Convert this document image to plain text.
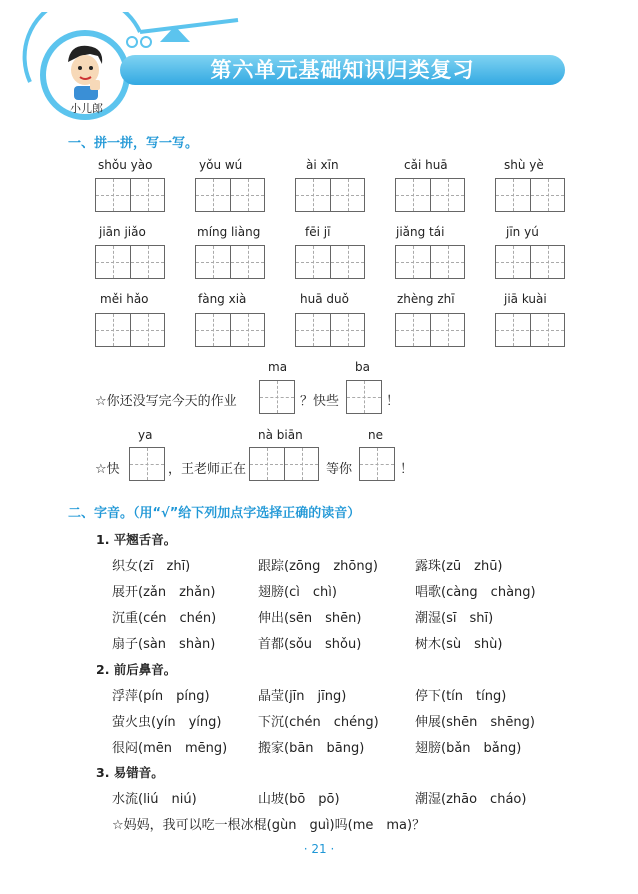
小儿郎
第六单元基础知识归类复习
一、拼一拼，写一写。
shǒu yào	yǒu wú	ài xīn	cǎi huā	shù yè
jiān jiǎo	míng liàng	fēi jī	jiǎng tái	jīn yú
měi hǎo	fàng xià	huā duǒ	zhèng zhī	jiā kuài
ma	ba
☆你还没写完今天的作业	？快些	！
ya	nà biān	ne
☆快	，王老师正在	等你	！
二、字音。（用“√”给下列加点字选择正确的读音）
1. 平翘舌音。
织女(zī　zhī)	跟踪(zōng　zhōng)	露珠(zū　zhū)
展开(zǎn　zhǎn)	翅膀(cì　chì)	唱歌(càng　chàng)
沉重(cén　chén)	伸出(sēn　shēn)	潮湿(sī　shī)
扇子(sàn　shàn)	首都(sǒu　shǒu)	树木(sù　shù)
2. 前后鼻音。
浮萍(pín　píng)	晶莹(jīn　jīng)	停下(tín　tíng)
萤火虫(yín　yíng)	下沉(chén　chéng)	伸展(shēn　shēng)
很闷(mēn　mēng) 搬家(bān　bāng)	翅膀(bǎn　bǎng)
3. 易错音。
水流(liú　niú)	山坡(bō　pō)	潮湿(zhāo　cháo)
☆妈妈，我可以吃一根冰棍(gùn　guì)吗(me　ma)？
· 21 ·
